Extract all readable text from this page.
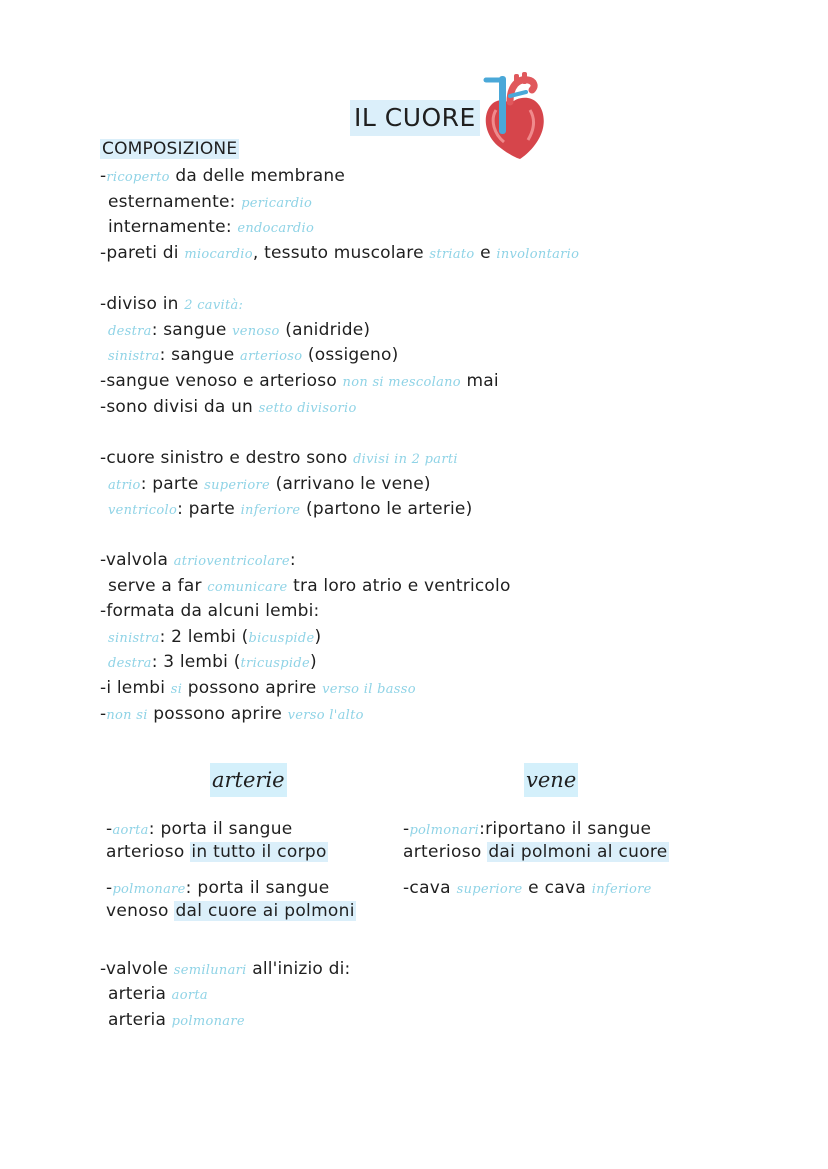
IL CUORE
COMPOSIZIONE
-ricoperto da delle membrane
esternamente: pericardio
internamente: endocardio
-pareti di miocardio, tessuto muscolare striato e involontario
-diviso in 2 cavità:
destra: sangue venoso (anidride)
sinistra: sangue arterioso (ossigeno)
-sangue venoso e arterioso non si mescolano mai
-sono divisi da un setto divisorio
-cuore sinistro e destro sono divisi in 2 parti
atrio: parte superiore (arrivano le vene)
ventricolo: parte inferiore (partono le arterie)
-valvola atrioventricolare:
serve a far comunicare tra loro atrio e ventricolo
-formata da alcuni lembi:
sinistra: 2 lembi (bicuspide)
destra: 3 lembi (tricuspide)
-i lembi si possono aprire verso il basso
-non si possono aprire verso l'alto
arterie	vene
-aorta: porta il sangue
arterioso in tutto il corpo
-polmonare: porta il sangue
venoso dal cuore ai polmoni
-polmonari:riportano il sangue
arterioso dai polmoni al cuore
-cava superiore e cava inferiore
-valvole semilunari all'inizio di:
arteria aorta
arteria polmonare
